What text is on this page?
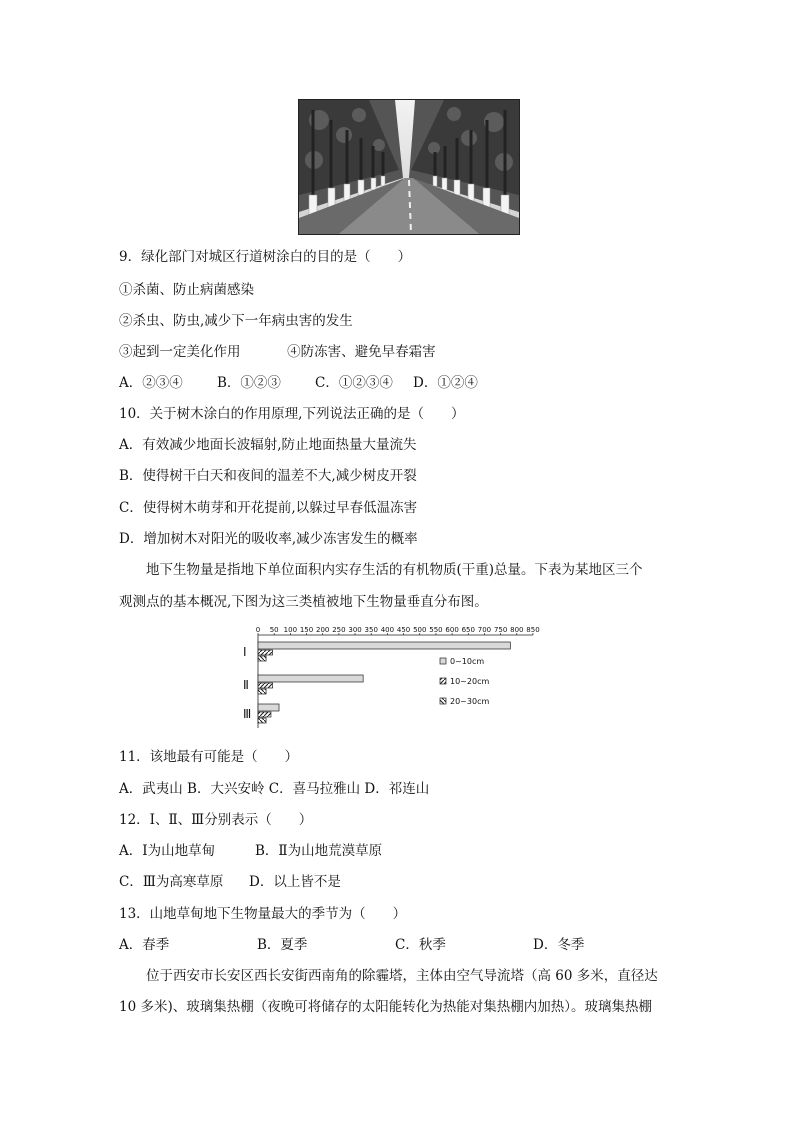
9．绿化部门对城区行道树涂白的目的是（　　）
①杀菌、防止病菌感染
②杀虫、防虫,减少下一年病虫害的发生
③起到一定美化作用	④防冻害、避免早春霜害
A．②③④	B．①②③	C．①②③④ D．①②④
10．关于树木涂白的作用原理,下列说法正确的是（　　）
A．有效减少地面长波辐射,防止地面热量大量流失
B．使得树干白天和夜间的温差不大,减少树皮开裂
C．使得树木萌芽和开花提前,以躲过早春低温冻害
D．增加树木对阳光的吸收率,减少冻害发生的概率
地下生物量是指地下单位面积内实存生活的有机物质(干重)总量。下表为某地区三个
观测点的基本概况,下图为这三类植被地下生物量垂直分布图。
0 50 100 150 200 250 300 350 400 450 500 550 600 650 700 750 800 850
Ⅰ
Ⅱ
Ⅲ
0~10cm
10~20cm
20~30cm
11．该地最有可能是（　　）
A．武夷山 B．大兴安岭 C．喜马拉雅山 D．祁连山
12．Ⅰ、Ⅱ、Ⅲ分别表示（　　）
A．Ⅰ为山地草甸	B．Ⅱ为山地荒漠草原
C．Ⅲ为高寒草原 D．以上皆不是
13．山地草甸地下生物量最大的季节为（　　）
A．春季	B．夏季	C．秋季	D．冬季
位于西安市长安区西长安街西南角的除霾塔，主体由空气导流塔（高 60 多米，直径达
10 多米)、玻璃集热棚（夜晚可将储存的太阳能转化为热能对集热棚内加热）。玻璃集热棚
